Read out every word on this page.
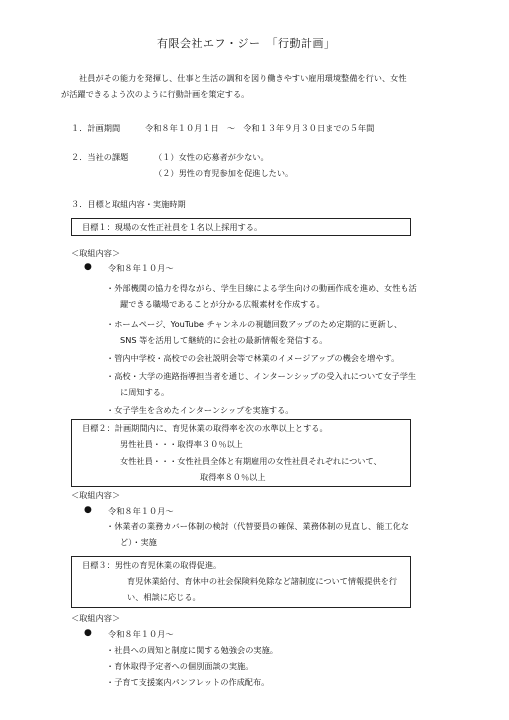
有限会社エフ・ジー　「行動計画」
社員がその能力を発揮し、仕事と生活の調和を図り働きやすい雇用環境整備を行い、女性
が活躍できるよう次のように行動計画を策定する。
１．計画期間	令和８年１０月１日　～　令和１３年９月３０日までの５年間
２．当社の課題	（１）女性の応募者が少ない。
（２）男性の育児参加を促進したい。
３．目標と取組内容・実施時期
目標１：現場の女性正社員を１名以上採用する。
＜取組内容＞
● 令和８年１０月～
・外部機関の協力を得ながら、学生目線による学生向けの動画作成を進め、女性も活
躍できる職場であることが分かる広報素材を作成する。
・ホームページ、YouTube チャンネルの視聴回数アップのため定期的に更新し、
SNS 等を活用して継続的に会社の最新情報を発信する。
・管内中学校・高校での会社説明会等で林業のイメージアップの機会を増やす。
・高校・大学の進路指導担当者を通じ、インターンシップの受入れについて女子学生
に周知する。
・女子学生を含めたインターンシップを実施する。
目標２：計画期間内に、育児休業の取得率を次の水準以上とする。
男性社員・・・取得率３０％以上
女性社員・・・女性社員全体と有期雇用の女性社員それぞれについて、
取得率８０％以上
＜取組内容＞
● 令和８年１０月～
・休業者の業務カバー体制の検討（代替要員の確保、業務体制の見直し、能工化な
ど）・実施
目標３：男性の育児休業の取得促進。
育児休業給付、育休中の社会保険料免除など諸制度について情報提供を行
い、相談に応じる。
＜取組内容＞
● 令和８年１０月～
・社員への周知と制度に関する勉強会の実施。
・育休取得予定者への個別面談の実施。
・子育て支援案内パンフレットの作成配布。
